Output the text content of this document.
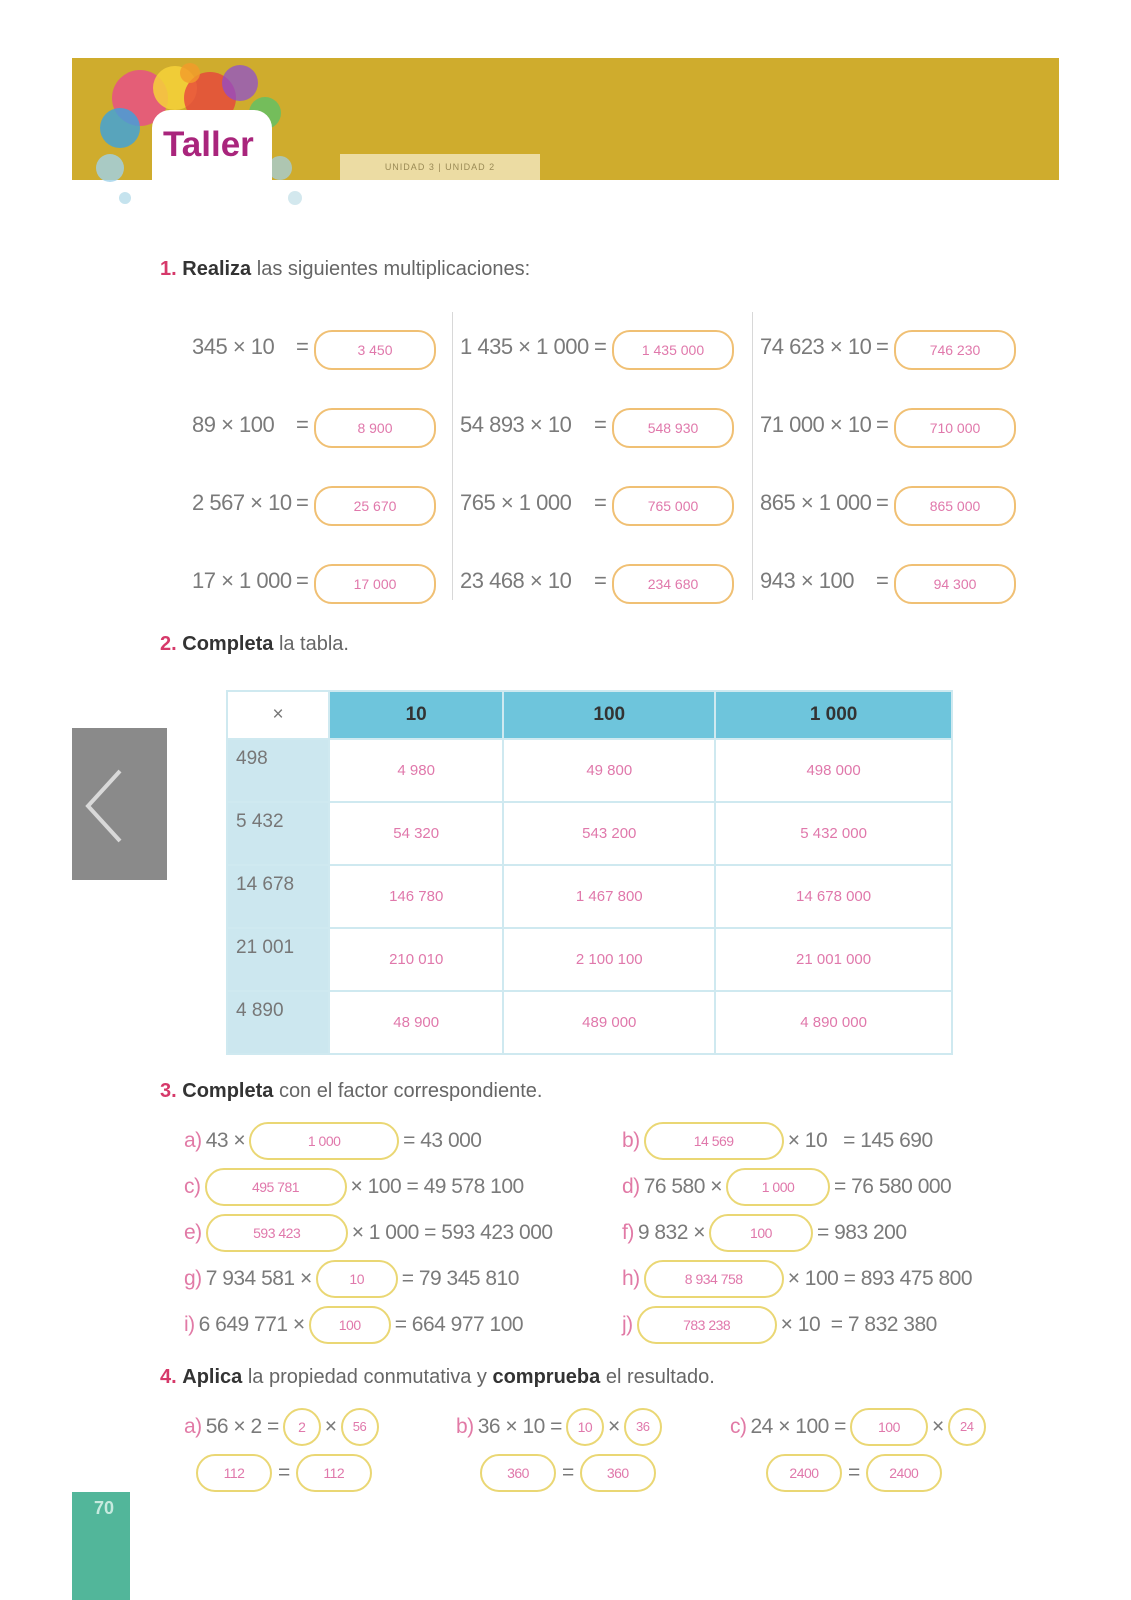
Taller
UNIDAD 3 | UNIDAD 2
70
1. Realiza las siguientes multiplicaciones:
345 × 10 =	3 450	1 435 × 1 000 =	1 435 000	74 623 × 10 =	746 230
89 × 100 =	8 900	54 893 × 10 =	548 930	71 000 × 10 =	710 000
2 567 × 10 =	25 670	765 × 1 000 =	765 000	865 × 1 000 =	865 000
17 × 1 000 =	17 000	23 468 × 10 =	234 680	943 × 100 =	94 300
2. Completa la tabla.
×	10	100	1 000
498	4 980	49 800	498 000
5 432	54 320	543 200	5 432 000
14 678	146 780	1 467 800	14 678 000
21 001	210 010	2 100 100	21 001 000
4 890	48 900	489 000	4 890 000
3. Completa con el factor correspondiente.
a) 43 ×	1 000	= 43 000	b)	14 569	× 10   = 145 690
c)	495 781	× 100 = 49 578 100	d) 76 580 ×	1 000	= 76 580 000
e)	593 423	× 1 000 = 593 423 000	f) 9 832 ×	100	= 983 200
g) 7 934 581 ×	10	= 79 345 810	h)	8 934 758	× 100 = 893 475 800
i) 6 649 771 ×	100	= 664 977 100	j)	783 238	× 10  = 7 832 380
4. Aplica la propiedad conmutativa y comprueba el resultado.
a) 56 × 2 =	2 ×	56
112	=	112
b) 36 × 10 =	10 ×	36
360	=	360
c) 24 × 100 =	100	×	24
2400	=	2400
